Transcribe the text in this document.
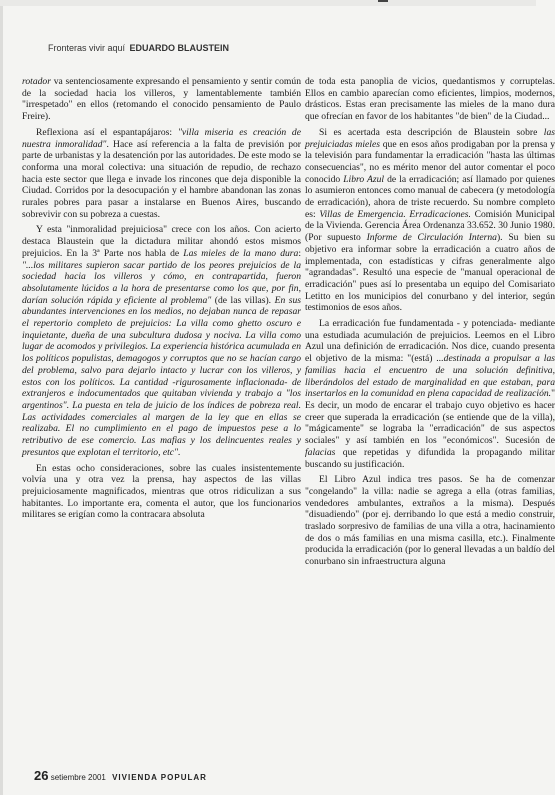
Fronteras vivir aquí EDUARDO BLAUSTEIN

rotador va sentenciosamente expresando el pensamiento y sentir común de la sociedad hacia los villeros, y lamentablemente también "irrespetado" en ellos (retomando el conocido pensamiento de Paulo Freire).

Reflexiona así el espantapájaros: "villa miseria es creación de nuestra inmoralidad". Hace así referencia a la falta de previsión por parte de urbanistas y la desatención por las autoridades. De este modo se conforma una moral colectiva: una situación de repudio, de rechazo hacia este sector que llega e invade los rincones que deja disponible la Ciudad. Corridos por la desocupación y el hambre abandonan las zonas rurales pobres para pasar a instalarse en Buenos Aires, buscando sobrevivir con su pobreza a cuestas.

Y esta "inmoralidad prejuiciosa" crece con los años. Con acierto destaca Blaustein que la dictadura militar ahondó estos mismos prejuicios. En la 3ª Parte nos habla de Las mieles de la mano dura: "...los militares supieron sacar partido de los peores prejuicios de la sociedad hacia los villeros y cómo, en contrapartida, fueron absolutamente lúcidos a la hora de presentarse como los que, por fin, darían solución rápida y eficiente al problema" (de las villas). En sus abundantes intervenciones en los medios, no dejaban nunca de repasar el repertorio completo de prejuicios: La villa como ghetto oscuro e inquietante, dueña de una subcultura dudosa y nociva. La villa como lugar de acomodos y privilegios. La experiencia histórica acumulada en los políticos populistas, demagogos y corruptos que no se hacían cargo del problema, salvo para dejarlo intacto y lucrar con los villeros, y estos con los políticos. La cantidad -rigurosamente inflacionada- de extranjeros e indocumentados que quitaban vivienda y trabajo a "los argentinos". La puesta en tela de juicio de los índices de pobreza real. Las actividades comerciales al margen de la ley que en ellas se realizaba. El no cumplimiento en el pago de impuestos pese a lo retributivo de ese comercio. Las mafias y los delincuentes reales y presuntos que explotan el territorio, etc".

En estas ocho consideraciones, sobre las cuales insistentemente volvía una y otra vez la prensa, hay aspectos de las villas prejuiciosamente magnificados, mientras que otros ridiculizan a sus habitantes. Lo importante era, comenta el autor, que los funcionarios militares se erigían como la contracara absoluta

de toda esta panoplia de vicios, quedantismos y corruptelas. Ellos en cambio aparecían como eficientes, limpios, modernos, drásticos. Estas eran precisamente las mieles de la mano dura que ofrecían en favor de los habitantes "de bien" de la Ciudad...

Si es acertada esta descripción de Blaustein sobre las prejuiciadas mieles que en esos años prodigaban por la prensa y la televisión para fundamentar la erradicación "hasta las últimas consecuencias", no es mérito menor del autor comentar el poco conocido Libro Azul de la erradicación; así llamado por quienes lo asumieron entonces como manual de cabecera (y metodología de erradicación), ahora de triste recuerdo. Su nombre completo es: Villas de Emergencia. Erradicaciones. Comisión Municipal de la Vivienda. Gerencia Área Ordenanza 33.652. 30 Junio 1980. (Por supuesto Informe de Circulación Interna). Su bien su objetivo era informar sobre la erradicación a cuatro años de implementada, con estadísticas y cifras generalmente algo "agrandadas". Resultó una especie de "manual operacional de erradicación" pues así lo presentaba un equipo del Comisariato Letitto en los municipios del conurbano y del interior, según testimonios de esos años.

La erradicación fue fundamentada - y potenciada- mediante una estudiada acumulación de prejuicios. Leemos en el Libro Azul una definición de erradicación. Nos dice, cuando presenta el objetivo de la misma: "(está) ...destinada a propulsar a las familias hacia el encuentro de una solución definitiva, liberándolos del estado de marginalidad en que estaban, para insertarlos en la comunidad en plena capacidad de realización." Es decir, un modo de encarar el trabajo cuyo objetivo es hacer creer que superada la erradicación (se entiende que de la villa), "mágicamente" se lograba la "erradicación" de sus aspectos sociales" y así también en los "económicos". Sucesión de falacias que repetidas y difundida la propagando militar buscando su justificación.

El Libro Azul indica tres pasos. Se ha de comenzar "congelando" la villa: nadie se agrega a ella (otras familias, vendedores ambulantes, extraños a la misma). Después "disuadiendo" (por ej. derribando lo que está a medio construir, traslado sorpresivo de familias de una villa a otra, hacinamiento de dos o más familias en una misma casilla, etc.). Finalmente producida la erradicación (por lo general llevadas a un baldío del conurbano sin infraestructura alguna

26 setiembre 2001 VIVIENDA POPULAR
